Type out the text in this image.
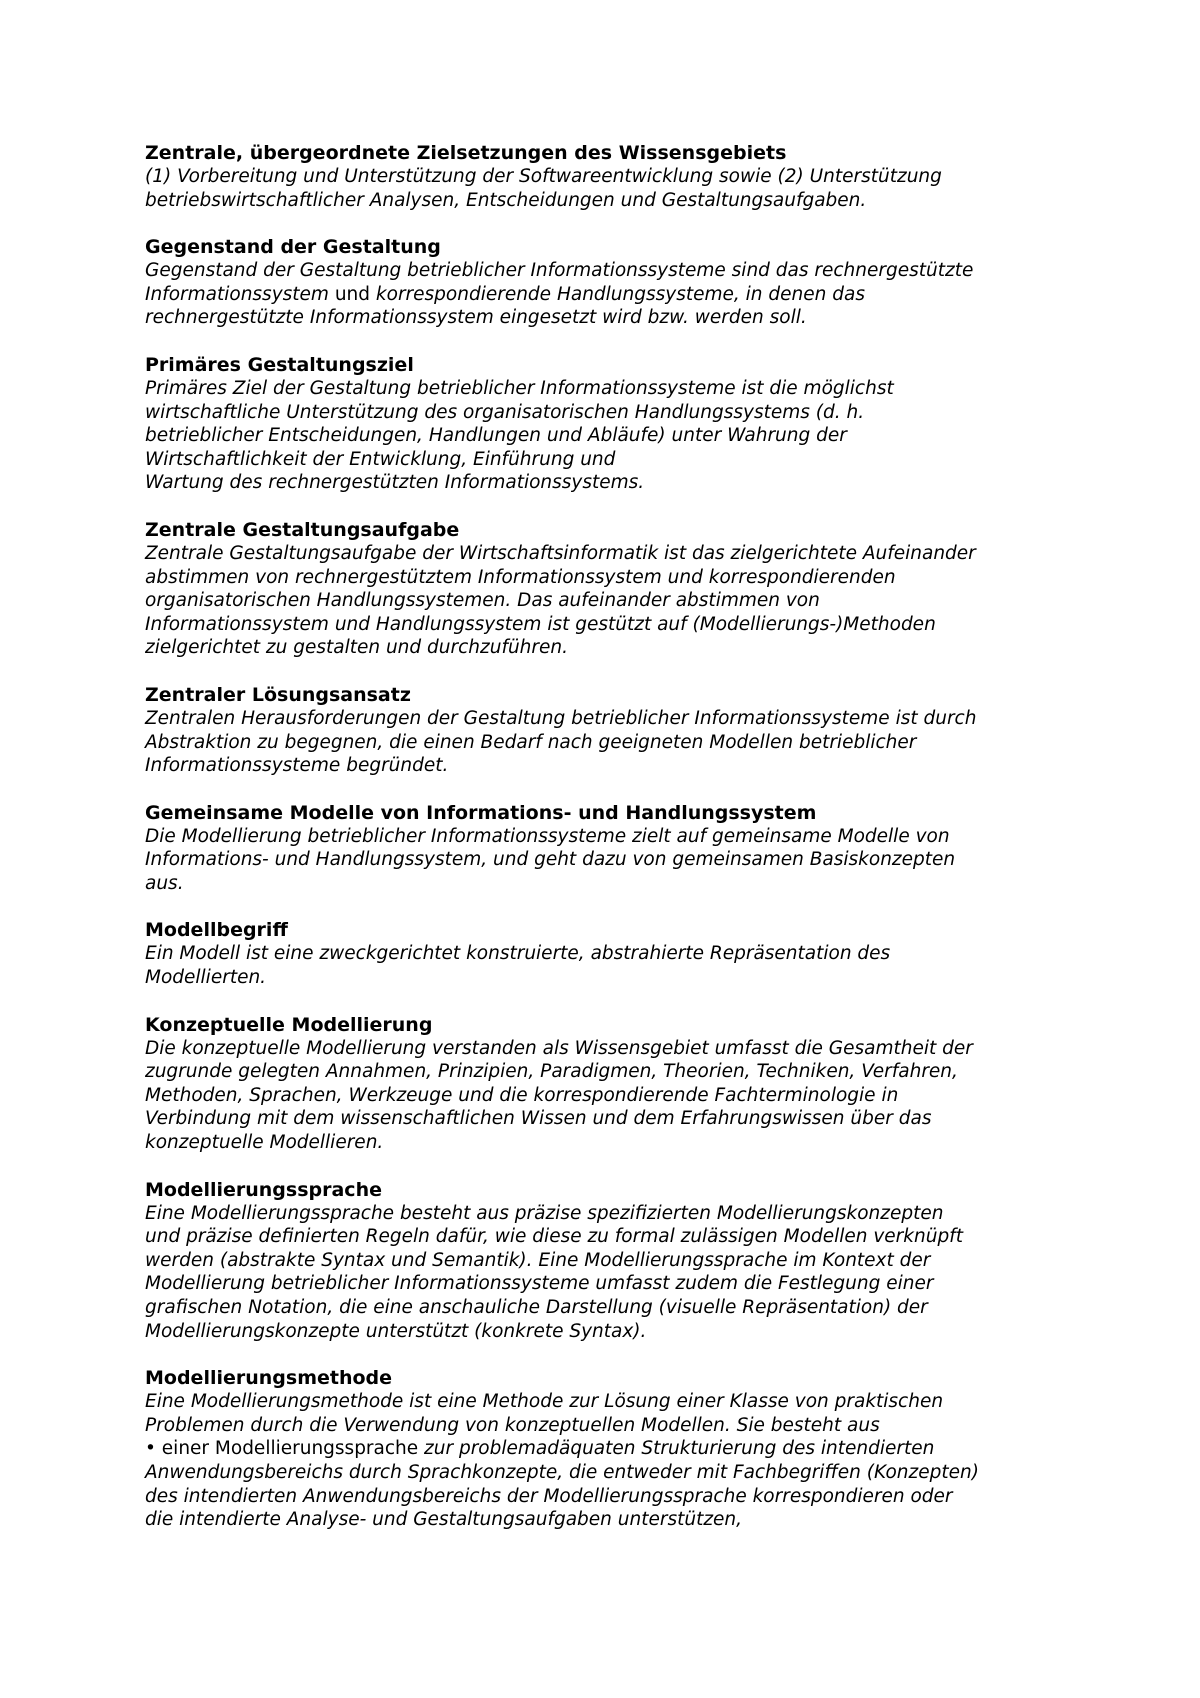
Zentrale, übergeordnete Zielsetzungen des Wissensgebiets

(1) Vorbereitung und Unterstützung der Softwareentwicklung sowie (2) Unterstützung
betriebswirtschaftlicher Analysen, Entscheidungen und Gestaltungsaufgaben.

Gegenstand der Gestaltung

Gegenstand der Gestaltung betrieblicher Informationssysteme sind das rechnergestützte
Informationssystem und korrespondierende Handlungssysteme, in denen das
rechnergestützte Informationssystem eingesetzt wird bzw. werden soll.

Primäres Gestaltungsziel

Primäres Ziel der Gestaltung betrieblicher Informationssysteme ist die möglichst
wirtschaftliche Unterstützung des organisatorischen Handlungssystems (d. h.
betrieblicher Entscheidungen, Handlungen und Abläufe) unter Wahrung der
Wirtschaftlichkeit der Entwicklung, Einführung und
Wartung des rechnergestützten Informationssystems.

Zentrale Gestaltungsaufgabe

Zentrale Gestaltungsaufgabe der Wirtschaftsinformatik ist das zielgerichtete Aufeinander
abstimmen von rechnergestütztem Informationssystem und korrespondierenden
organisatorischen Handlungssystemen. Das aufeinander abstimmen von
Informationssystem und Handlungssystem ist gestützt auf (Modellierungs-)Methoden
zielgerichtet zu gestalten und durchzuführen.

Zentraler Lösungsansatz

Zentralen Herausforderungen der Gestaltung betrieblicher Informationssysteme ist durch
Abstraktion zu begegnen, die einen Bedarf nach geeigneten Modellen betrieblicher
Informationssysteme begründet.

Gemeinsame Modelle von Informations- und Handlungssystem

Die Modellierung betrieblicher Informationssysteme zielt auf gemeinsame Modelle von
Informations- und Handlungssystem, und geht dazu von gemeinsamen Basiskonzepten
aus.

Modellbegriff

Ein Modell ist eine zweckgerichtet konstruierte, abstrahierte Repräsentation des
Modellierten.

Konzeptuelle Modellierung

Die konzeptuelle Modellierung verstanden als Wissensgebiet umfasst die Gesamtheit der
zugrunde gelegten Annahmen, Prinzipien, Paradigmen, Theorien, Techniken, Verfahren,
Methoden, Sprachen, Werkzeuge und die korrespondierende Fachterminologie in
Verbindung mit dem wissenschaftlichen Wissen und dem Erfahrungswissen über das
konzeptuelle Modellieren.

Modellierungssprache

Eine Modellierungssprache besteht aus präzise spezifizierten Modellierungskonzepten
und präzise definierten Regeln dafür, wie diese zu formal zulässigen Modellen verknüpft
werden (abstrakte Syntax und Semantik). Eine Modellierungssprache im Kontext der
Modellierung betrieblicher Informationssysteme umfasst zudem die Festlegung einer
grafischen Notation, die eine anschauliche Darstellung (visuelle Repräsentation) der
Modellierungskonzepte unterstützt (konkrete Syntax).

Modellierungsmethode

Eine Modellierungsmethode ist eine Methode zur Lösung einer Klasse von praktischen
Problemen durch die Verwendung von konzeptuellen Modellen. Sie besteht aus
• einer Modellierungssprache zur problemadäquaten Strukturierung des intendierten
Anwendungsbereichs durch Sprachkonzepte, die entweder mit Fachbegriffen (Konzepten)
des intendierten Anwendungsbereichs der Modellierungssprache korrespondieren oder
die intendierte Analyse- und Gestaltungsaufgaben unterstützen,
